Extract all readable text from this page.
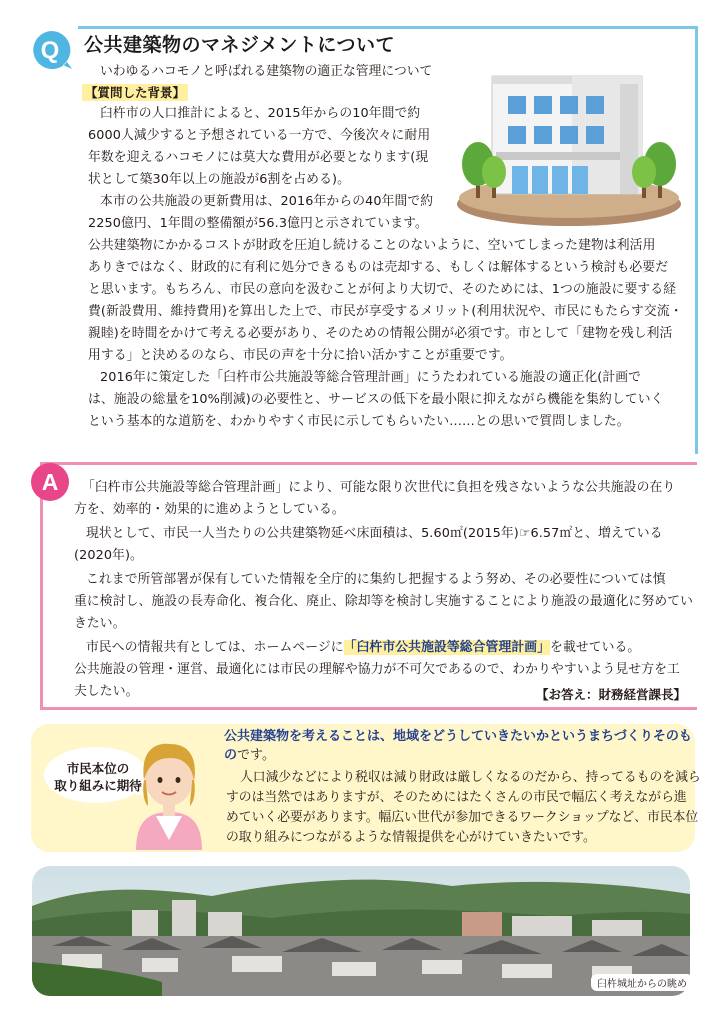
Q 公共建築物のマネジメントについて
いわゆるハコモノと呼ばれる建築物の適正な管理について
【質問した背景】
臼杵市の人口推計によると、2015年からの10年間で約
6000人減少すると予想されている一方で、今後次々に耐用
年数を迎えるハコモノには莫大な費用が必要となります(現
状として築30年以上の施設が6割を占める)。
本市の公共施設の更新費用は、2016年からの40年間で約
2250億円、1年間の整備額が56.3億円と示されています。
公共建築物にかかるコストが財政を圧迫し続けることのないように、空いてしまった建物は利活用
ありきではなく、財政的に有利に処分できるものは売却する、もしくは解体するという検討も必要だ
と思います。もちろん、市民の意向を汲むことが何より大切で、そのためには、1つの施設に要する経
費(新設費用、維持費用)を算出した上で、市民が享受するメリット(利用状況や、市民にもたらす交流・
親睦)を時間をかけて考える必要があり、そのための情報公開が必須です。市として「建物を残し利活
用する」と決めるのなら、市民の声を十分に拾い活かすことが重要です。
2016年に策定した「臼杵市公共施設等総合管理計画」にうたわれている施設の適正化(計画で
は、施設の総量を10%削減)の必要性と、サービスの低下を最小限に抑えながら機能を集約していく
という基本的な道筋を、わかりやすく市民に示してもらいたい……との思いで質問しました。
A 「臼杵市公共施設等総合管理計画」により、可能な限り次世代に負担を残さないような公共施設の在り
方を、効率的・効果的に進めようとしている。
現状として、市民一人当たりの公共建築物延べ床面積は、5.60㎡(2015年)☞6.57㎡と、増えている
(2020年)。
これまで所管部署が保有していた情報を全庁的に集約し把握するよう努め、その必要性については慎
重に検討し、施設の長寿命化、複合化、廃止、除却等を検討し実施することにより施設の最適化に努めてい
きたい。
市民への情報共有としては、ホームページに「臼杵市公共施設等総合管理計画」を載せている。
公共施設の管理・運営、最適化には市民の理解や協力が不可欠であるので、わかりやすいよう見せ方を工
夫したい。	【お答え：財務経営課長】
市民本位の
取り組みに期待
公共建築物を考えることは、地域をどうしていきたいかというまちづくりそのも
のです。
人口減少などにより税収は減り財政は厳しくなるのだから、持ってるものを減ら
すのは当然ではありますが、そのためにはたくさんの市民で幅広く考えながら進
めていく必要があります。幅広い世代が参加できるワークショップなど、市民本位
の取り組みにつながるような情報提供を心がけていきたいです。
臼杵城址からの眺め
